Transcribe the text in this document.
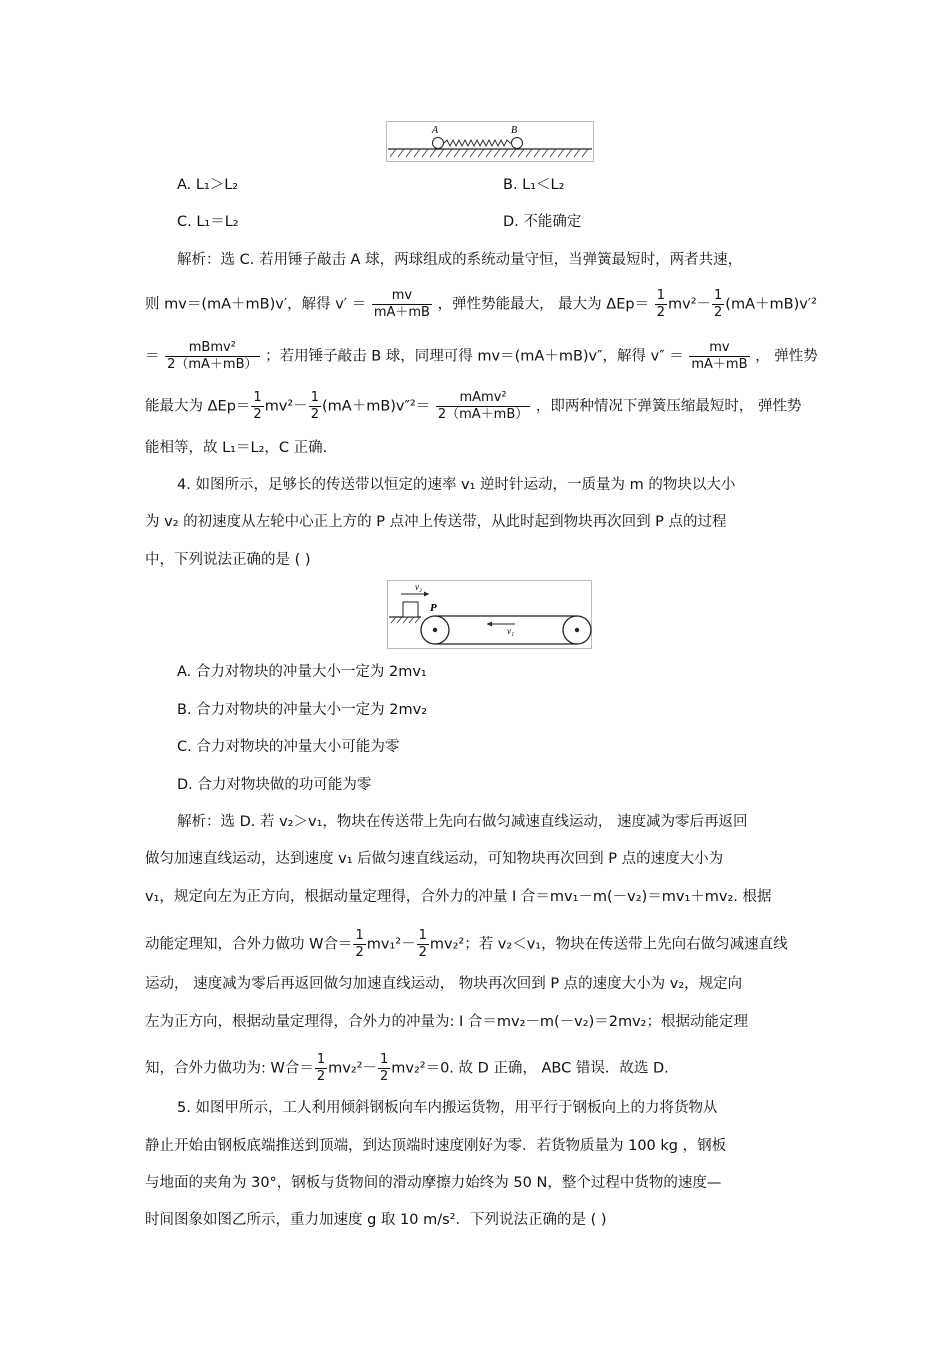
A	B
A. L₁＞L₂	B. L₁＜L₂
C. L₁＝L₂	D. 不能确定
解析：选 C. 若用锤子敲击 A 球，两球组成的系统动量守恒，当弹簧最短时，两者共速，
则 mv＝(mA＋mB)v′，解得 $v' = \frac{mv}{mA+mB}$ ，弹性势能最大， 最大为 $\Delta Ep= \frac{1}{2} mv^2- \frac{1}{2} (mA+mB)v'^2$
＝ $\frac{\text{mBmv²}}{2(mA+mB)}$ ；若用锤子敲击 B 球，同理可得 mv＝(mA＋mB)v″，解得 $v'' = \frac{mv}{mA+mB}$ ， 弹性势
能最大为 $\Delta Ep= \frac{1}{2} mv^2- \frac{1}{2} (mA+mB)v''^2= \frac{\text{mAmv²}}{2(mA+mB)}$ ，即两种情况下弹簧压缩最短时， 弹性势
能相等，故 L₁＝L₂，C 正确.
4. 如图所示，足够长的传送带以恒定的速率 v₁ 逆时针运动，一质量为 m 的物块以大小
为 v₂ 的初速度从左轮中心正上方的 P 点冲上传送带，从此时起到物块再次回到 P 点的过程
中，下列说法正确的是 ( )
v₂
P
v₁
A. 合力对物块的冲量大小一定为 2mv₁
B. 合力对物块的冲量大小一定为 2mv₂
C. 合力对物块的冲量大小可能为零
D. 合力对物块做的功可能为零
解析：选 D. 若 v₂＞v₁，物块在传送带上先向右做匀减速直线运动， 速度减为零后再返回
做匀加速直线运动，达到速度 v₁ 后做匀速直线运动，可知物块再次回到 P 点的速度大小为
v₁，规定向左为正方向，根据动量定理得，合外力的冲量 I 合＝mv₁－m(－v₂)＝mv₁＋mv₂. 根据
动能定理知，合外力做功 W合＝ $\frac{1}{2} mv_1^2- \frac{1}{2} mv_2^2$；若 v₂＜v₁，物块在传送带上先向右做匀减速直线
运动， 速度减为零后再返回做匀加速直线运动， 物块再次回到 P 点的速度大小为 v₂，规定向
左为正方向，根据动量定理得，合外力的冲量为: I 合＝mv₂－m(－v₂)＝2mv₂；根据动能定理
知，合外力做功为: W合＝ $\frac{1}{2} mv_2^2- \frac{1}{2} mv_2^2=0$. 故 D 正确， ABC 错误．故选 D.
5. 如图甲所示，工人利用倾斜钢板向车内搬运货物，用平行于钢板向上的力将货物从
静止开始由钢板底端推送到顶端，到达顶端时速度刚好为零．若货物质量为 100 kg ，钢板
与地面的夹角为 30°，钢板与货物间的滑动摩擦力始终为 50 N，整个过程中货物的速度—
时间图象如图乙所示，重力加速度 g 取 10 m/s²．下列说法正确的是 ( )
